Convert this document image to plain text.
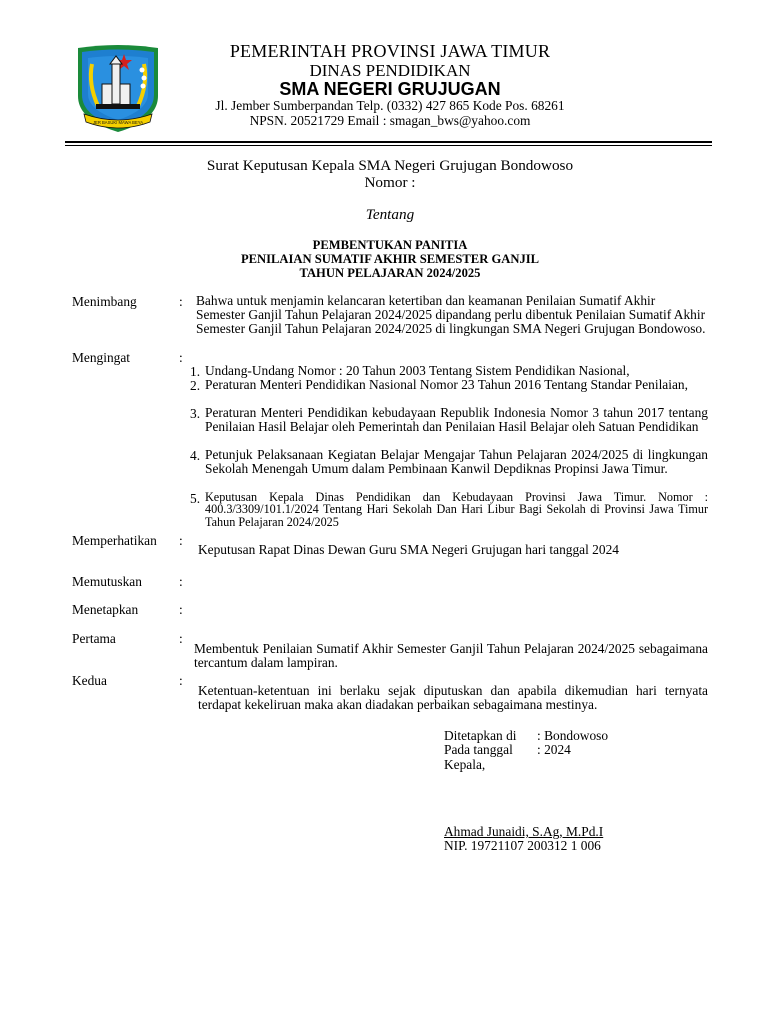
JER BASUKI MAWA BEYA
PEMERINTAH PROVINSI JAWA TIMUR
DINAS PENDIDIKAN
SMA NEGERI GRUJUGAN
Jl. Jember Sumberpandan Telp. (0332) 427 865 Kode Pos. 68261
NPSN. 20521729 Email : smagan_bws@yahoo.com
Surat Keputusan Kepala SMA Negeri Grujugan Bondowoso
Nomor :
Tentang
PEMBENTUKAN PANITIA
PENILAIAN SUMATIF AKHIR SEMESTER GANJIL
TAHUN PELAJARAN 2024/2025
Menimbang	: Bahwa untuk menjamin kelancaran ketertiban dan keamanan Penilaian Sumatif Akhir Semester Ganjil Tahun Pelajaran 2024/2025 dipandang perlu dibentuk Penilaian Sumatif Akhir Semester Ganjil Tahun Pelajaran 2024/2025 di lingkungan SMA Negeri Grujugan Bondowoso.
Mengingat	:
1. Undang-Undang Nomor : 20 Tahun 2003 Tentang Sistem Pendidikan Nasional,
2. Peraturan Menteri Pendidikan Nasional Nomor 23 Tahun 2016 Tentang Standar Penilaian,
3. Peraturan Menteri Pendidikan kebudayaan Republik Indonesia Nomor 3 tahun 2017 tentang Penilaian Hasil Belajar oleh Pemerintah dan Penilaian Hasil Belajar oleh Satuan Pendidikan
4. Petunjuk Pelaksanaan Kegiatan Belajar Mengajar Tahun Pelajaran 2024/2025 di lingkungan Sekolah Menengah Umum dalam Pembinaan Kanwil Depdiknas Propinsi Jawa Timur.
5. Keputusan Kepala Dinas Pendidikan dan Kebudayaan Provinsi Jawa Timur. Nomor : 400.3/3309/101.1/2024 Tentang Hari Sekolah Dan Hari Libur Bagi Sekolah di Provinsi Jawa Timur Tahun Pelajaran 2024/2025
Memperhatikan :
Keputusan Rapat Dinas Dewan Guru SMA Negeri Grujugan hari tanggal 2024
Memutuskan	:
Menetapkan	:
Pertama	:
Membentuk Penilaian Sumatif Akhir Semester Ganjil Tahun Pelajaran 2024/2025 sebagaimana tercantum dalam lampiran.
Kedua	:
Ketentuan-ketentuan ini berlaku sejak diputuskan dan apabila dikemudian hari ternyata terdapat kekeliruan maka akan diadakan perbaikan sebagaimana mestinya.
Ditetapkan di : Bondowoso
Pada tanggal : 2024
Kepala,
Ahmad Junaidi, S.Ag, M.Pd.I
NIP. 19721107 200312 1 006
